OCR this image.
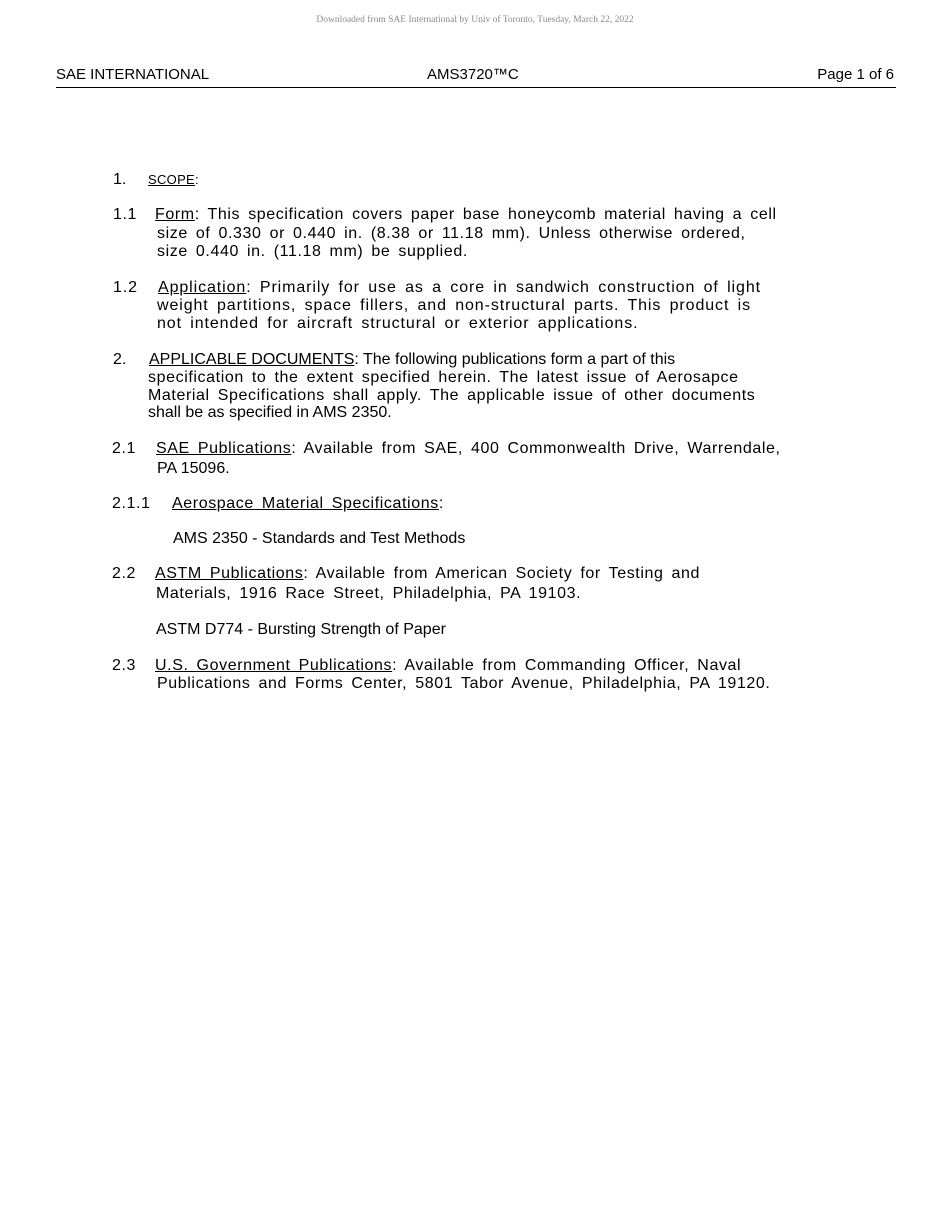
Downloaded from SAE International by Univ of Toronto, Tuesday, March 22, 2022
SAE INTERNATIONAL	AMS3720™C	Page 1 of 6
1. SCOPE:
1.1 Form: This specification covers paper base honeycomb material having a cell
size of 0.330 or 0.440 in. (8.38 or 11.18 mm). Unless otherwise ordered,
size 0.440 in. (11.18 mm) be supplied.
1.2 Application: Primarily for use as a core in sandwich construction of light
weight partitions, space fillers, and non-structural parts. This product is
not intended for aircraft structural or exterior applications.
2. APPLICABLE DOCUMENTS: The following publications form a part of this
specification to the extent specified herein. The latest issue of Aerosapce
Material Specifications shall apply. The applicable issue of other documents
shall be as specified in AMS 2350.
2.1 SAE Publications: Available from SAE, 400 Commonwealth Drive, Warrendale,
PA 15096.
2.1.1 Aerospace Material Specifications:
AMS 2350 - Standards and Test Methods
2.2 ASTM Publications: Available from American Society for Testing and
Materials, 1916 Race Street, Philadelphia, PA 19103.
ASTM D774 - Bursting Strength of Paper
2.3 U.S. Government Publications: Available from Commanding Officer, Naval
Publications and Forms Center, 5801 Tabor Avenue, Philadelphia, PA 19120.
